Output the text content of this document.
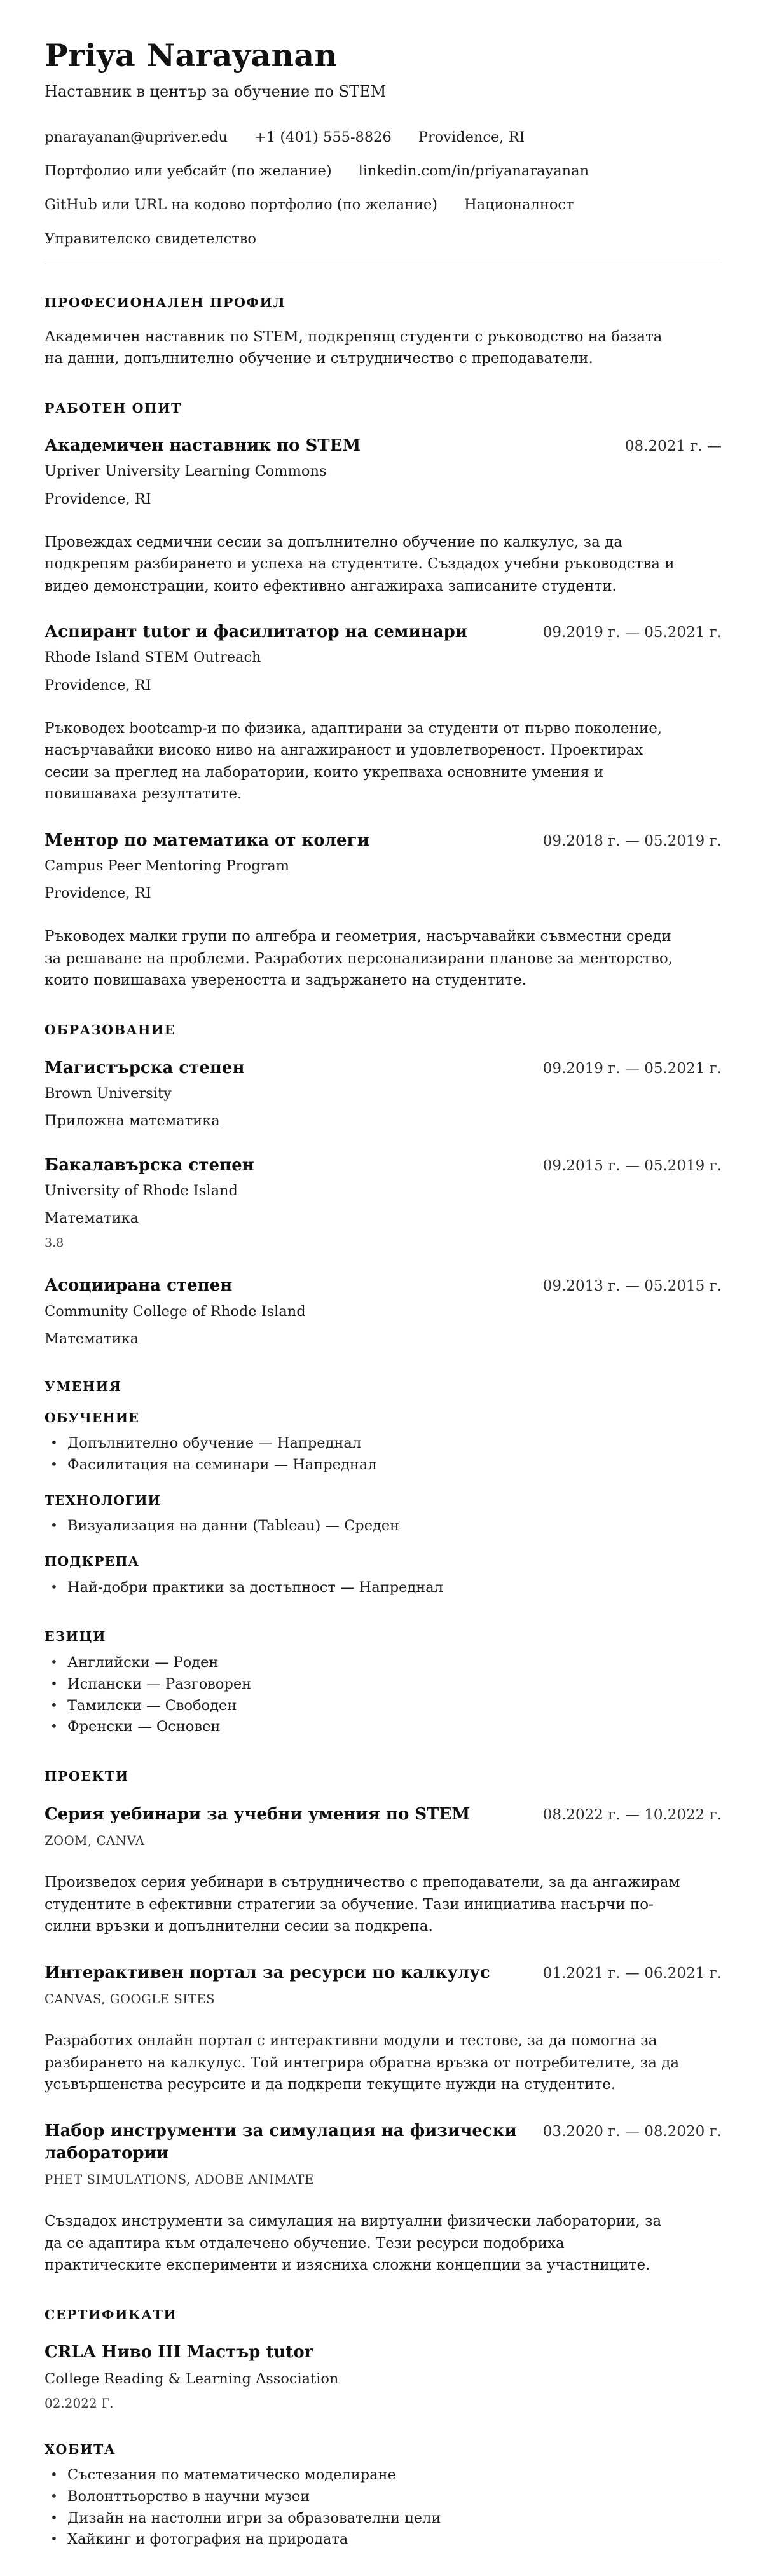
Priya Narayanan
Наставник в център за обучение по STEM
pnarayanan@upriver.edu +1 (401) 555-8826 Providence, RI
Портфолио или уебсайт (по желание) linkedin.com/in/priyanarayanan
GitHub или URL на кодово портфолио (по желание) Националност
Управителско свидетелство
ПРОФЕСИОНАЛЕН ПРОФИЛ

Академичен наставник по STEM, подкрепящ студенти с ръководство на базата на данни, допълнително обучение и сътрудничество с преподаватели.

РАБОТЕН ОПИТ
Академичен наставник по STEM	08.2021 г. —
Upriver University Learning Commons
Providence, RI

Провеждах седмични сесии за допълнително обучение по калкулус, за да подкрепям разбирането и успеха на студентите. Създадох учебни ръководства и видео демонстрации, които ефективно ангажираха записаните студенти.

Аспирант tutor и фасилитатор на семинари	09.2019 г. — 05.2021 г.
Rhode Island STEM Outreach
Providence, RI

Ръководех bootcamp-и по физика, адаптирани за студенти от първо поколение, насърчавайки високо ниво на ангажираност и удовлетвореност. Проектирах сесии за преглед на лаборатории, които укрепваха основните умения и повишаваха резултатите.

Ментор по математика от колеги	09.2018 г. — 05.2019 г.
Campus Peer Mentoring Program
Providence, RI

Ръководех малки групи по алгебра и геометрия, насърчавайки съвместни среди за решаване на проблеми. Разработих персонализирани планове за менторство, които повишаваха увереността и задържането на студентите.

ОБРАЗОВАНИЕ
Магистърска степен	09.2019 г. — 05.2021 г.
Brown University
Приложна математика
Бакалавърска степен	09.2015 г. — 05.2019 г.
University of Rhode Island
Математика
3.8
Асоциирана степен	09.2013 г. — 05.2015 г.
Community College of Rhode Island
Математика
УМЕНИЯ
ОБУЧЕНИЕ
• Допълнително обучение — Напреднал
• Фасилитация на семинари — Напреднал
ТЕХНОЛОГИИ
• Визуализация на данни (Tableau) — Среден
ПОДКРЕПА
• Най-добри практики за достъпност — Напреднал
ЕЗИЦИ
• Английски — Роден
• Испански — Разговорен
• Тамилски — Свободен
• Френски — Основен
ПРОЕКТИ
Серия уебинари за учебни умения по STEM	08.2022 г. — 10.2022 г.
ZOOM, CANVA

Произведох серия уебинари в сътрудничество с преподаватели, за да ангажирам студентите в ефективни стратегии за обучение. Тази инициатива насърчи по-силни връзки и допълнителни сесии за подкрепа.

Интерактивен портал за ресурси по калкулус	01.2021 г. — 06.2021 г.
CANVAS, GOOGLE SITES

Разработих онлайн портал с интерактивни модули и тестове, за да помогна за разбирането на калкулус. Той интегрира обратна връзка от потребителите, за да усъвършенства ресурсите и да подкрепи текущите нужди на студентите.

Набор инструменти за симулация на физически лаборатории
03.2020 г. — 08.2020 г.
PHET SIMULATIONS, ADOBE ANIMATE

Създадох инструменти за симулация на виртуални физически лаборатории, за да се адаптира към отдалечено обучение. Тези ресурси подобриха практическите експерименти и изясниха сложни концепции за участниците.

СЕРТИФИКАТИ
CRLA Ниво III Мастър tutor
College Reading & Learning Association
02.2022 Г.
ХОБИТА
• Състезания по математическо моделиране
• Волонттьорство в научни музеи
• Дизайн на настолни игри за образователни цели
• Хайкинг и фотография на природата
